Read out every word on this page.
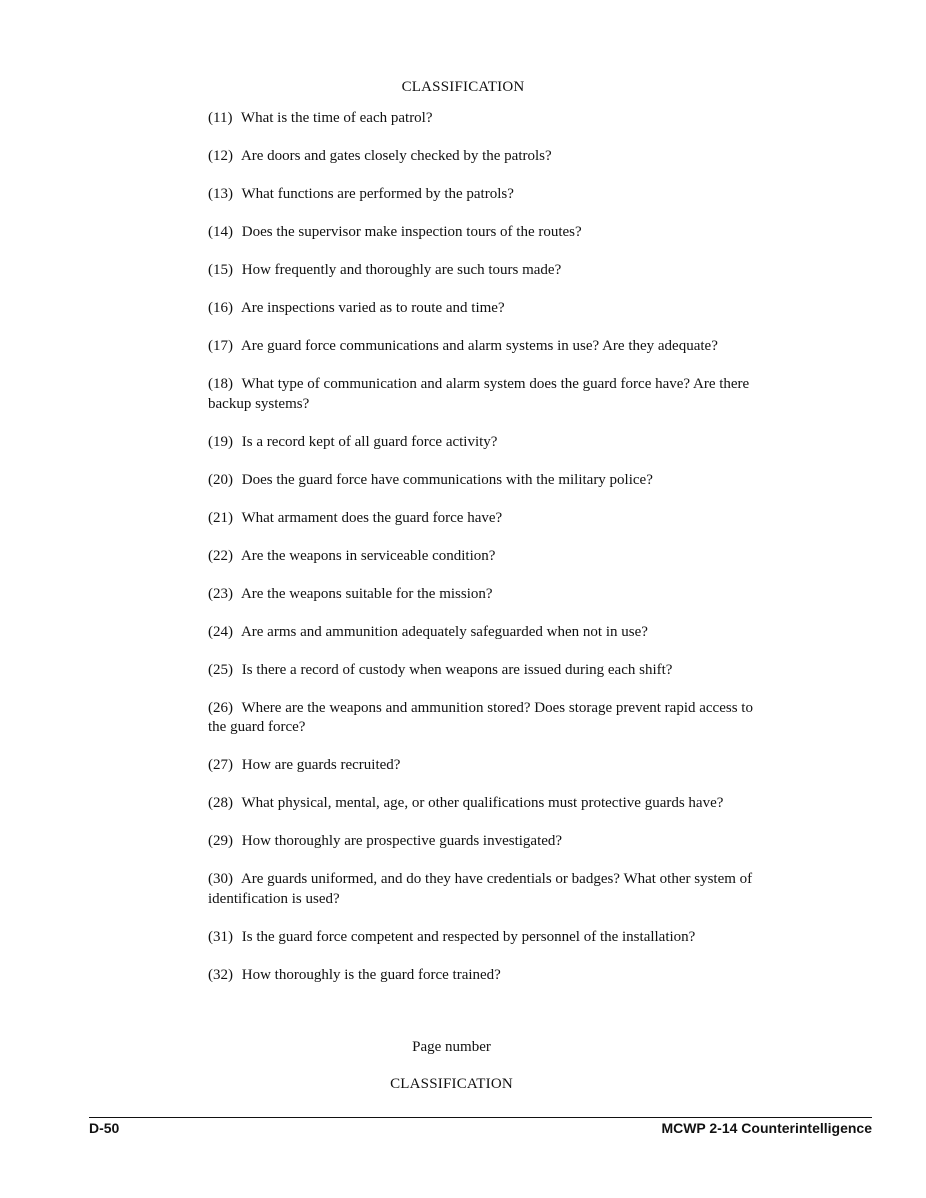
CLASSIFICATION
(11) What is the time of each patrol?
(12) Are doors and gates closely checked by the patrols?
(13) What functions are performed by the patrols?
(14) Does the supervisor make inspection tours of the routes?
(15) How frequently and thoroughly are such tours made?
(16) Are inspections varied as to route and time?
(17) Are guard force communications and alarm systems in use? Are they adequate?
(18) What type of communication and alarm system does the guard force have? Are there backup systems?
(19) Is a record kept of all guard force activity?
(20) Does the guard force have communications with the military police?
(21) What armament does the guard force have?
(22) Are the weapons in serviceable condition?
(23) Are the weapons suitable for the mission?
(24) Are arms and ammunition adequately safeguarded when not in use?
(25) Is there a record of custody when weapons are issued during each shift?
(26) Where are the weapons and ammunition stored? Does storage prevent rapid access to the guard force?
(27) How are guards recruited?
(28) What physical, mental, age, or other qualifications must protective guards have?
(29) How thoroughly are prospective guards investigated?
(30) Are guards uniformed, and do they have credentials or badges? What other system of identification is used?
(31) Is the guard force competent and respected by personnel of the installation?
(32) How thoroughly is the guard force trained?
Page number
CLASSIFICATION
D-50	MCWP 2-14 Counterintelligence
